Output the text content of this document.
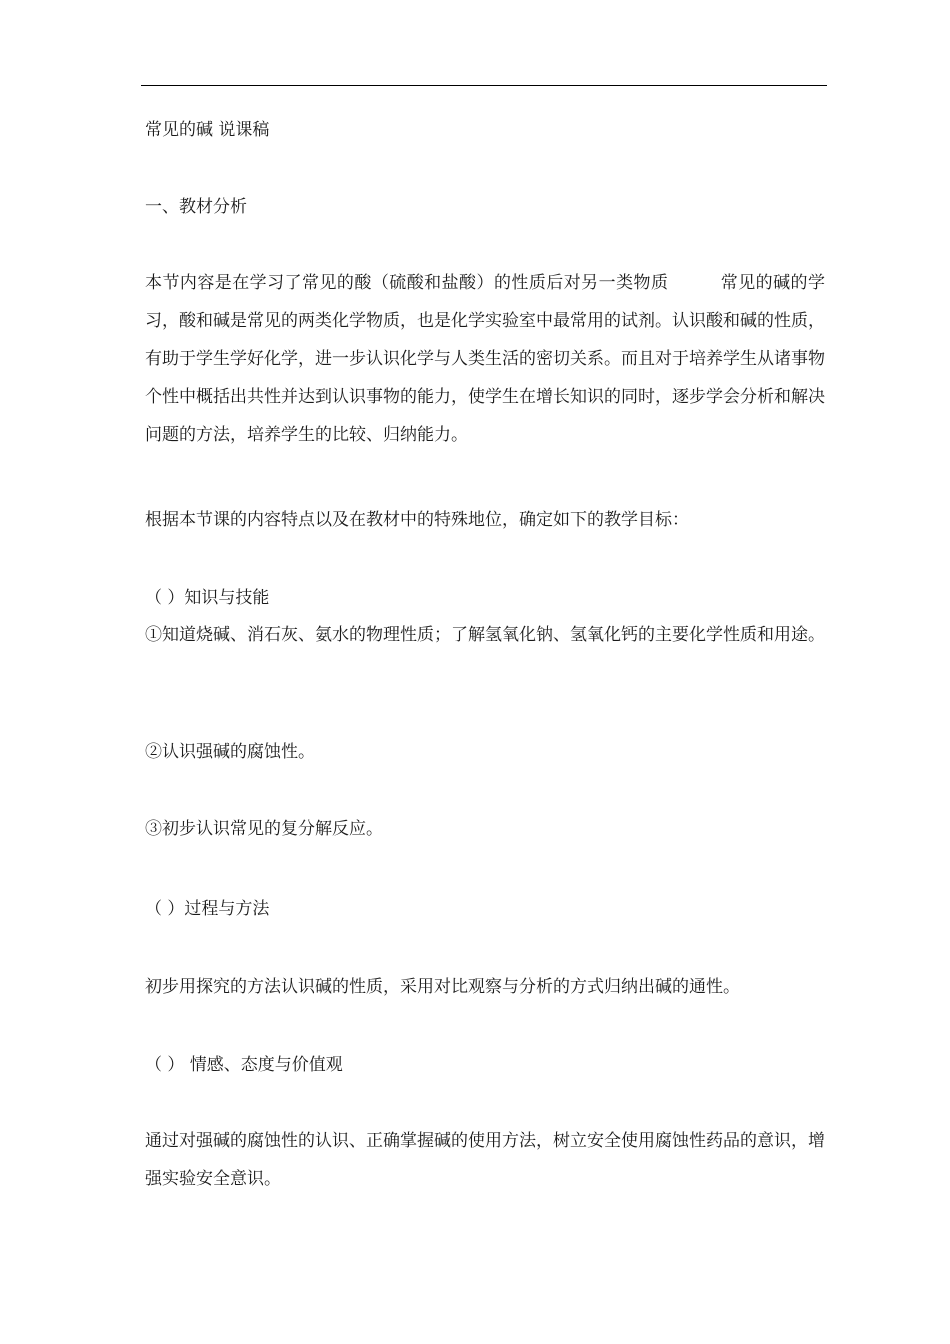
常见的碱 说课稿
一、教材分析

本节内容是在学习了常见的酸（硫酸和盐酸）的性质后对另一类物质　　　常见的碱的学习，酸和碱是常见的两类化学物质，也是化学实验室中最常用的试剂。认识酸和碱的性质，有助于学生学好化学，进一步认识化学与人类生活的密切关系。而且对于培养学生从诸事物个性中概括出共性并达到认识事物的能力，使学生在增长知识的同时，逐步学会分析和解决问题的方法，培养学生的比较、归纳能力。

根据本节课的内容特点以及在教材中的特殊地位，确定如下的教学目标：
（ ）知识与技能

①知道烧碱、消石灰、氨水的物理性质；了解氢氧化钠、氢氧化钙的主要化学性质和用途。

②认识强碱的腐蚀性。
③初步认识常见的复分解反应。
（ ）过程与方法
初步用探究的方法认识碱的性质，采用对比观察与分析的方式归纳出碱的通性。
（ ） 情感、态度与价值观

通过对强碱的腐蚀性的认识、正确掌握碱的使用方法，树立安全使用腐蚀性药品的意识，增强实验安全意识。
